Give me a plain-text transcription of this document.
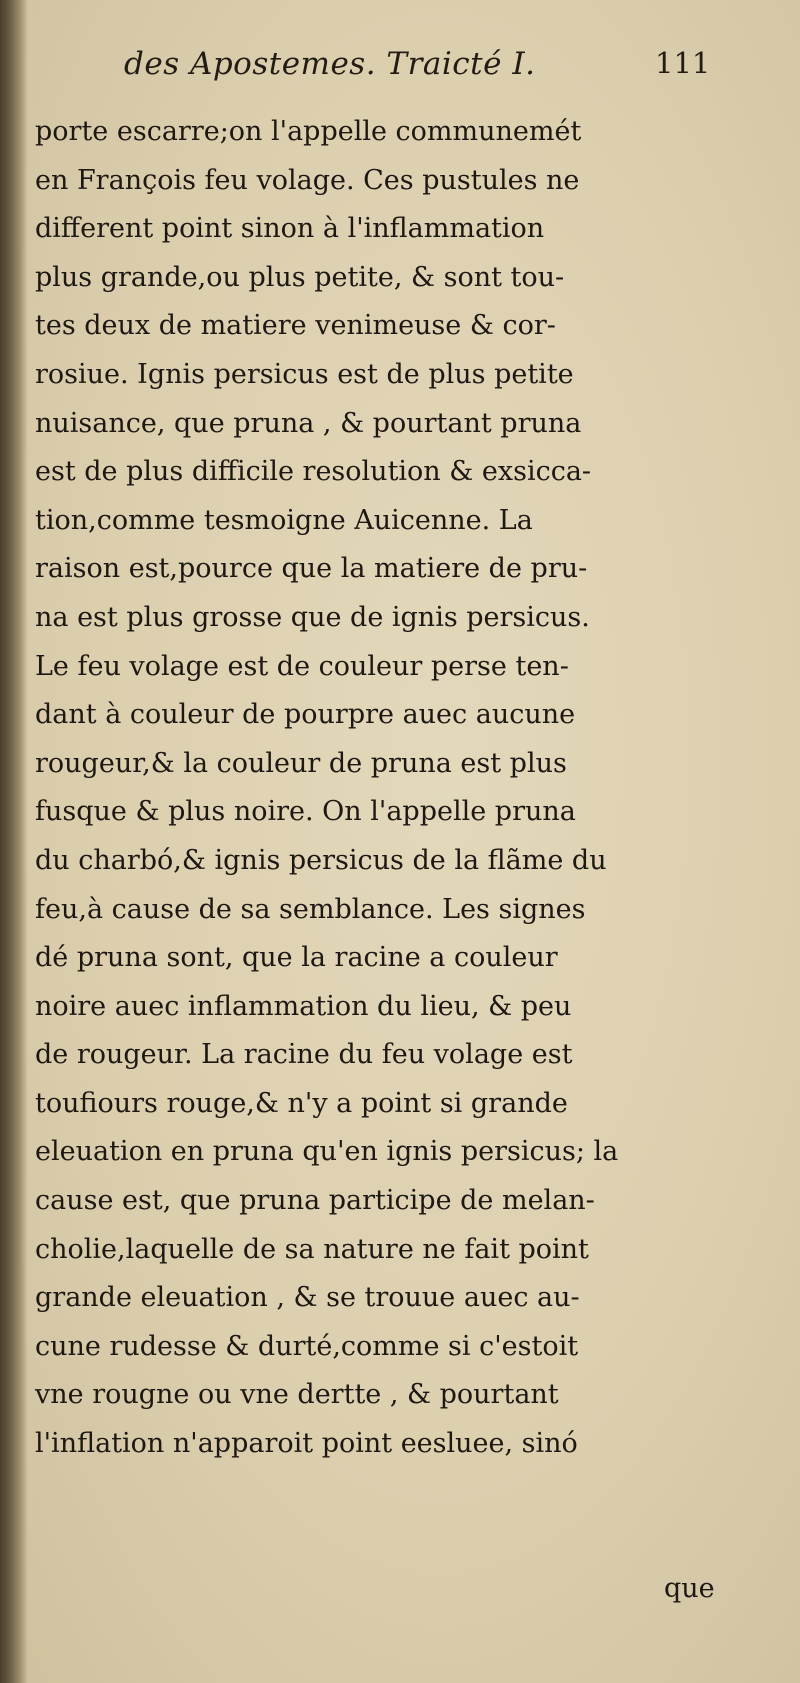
des Apostemes. Traicté I.	111
porte escarre;on l'appelle communemét
en François feu volage. Ces pustules ne
different point sinon à l'inflammation
plus grande,ou plus petite, & sont tou-
tes deux de matiere venimeuse & cor-
rosiue. Ignis persicus est de plus petite
nuisance, que pruna , & pourtant pruna
est de plus difficile resolution & exsicca-
tion,comme tesmoigne Auicenne. La
raison est,pource que la matiere de pru-
na est plus grosse que de ignis persicus.
Le feu volage est de couleur perse ten-
dant à couleur de pourpre auec aucune
rougeur,& la couleur de pruna est plus
fusque & plus noire. On l'appelle pruna
du charbó,& ignis persicus de la flãme du
feu,à cause de sa semblance. Les signes
dé pruna sont, que la racine a couleur
noire auec inflammation du lieu, & peu
de rougeur. La racine du feu volage est
toufiours rouge,& n'y a point si grande
eleuation en pruna qu'en ignis persicus; la
cause est, que pruna participe de melan-
cholie,laquelle de sa nature ne fait point
grande eleuation , & se trouue auec au-
cune rudesse & durté,comme si c'estoit
vne rougne ou vne dertte , & pourtant
l'inflation n'apparoit point eesluee, sinó
que
